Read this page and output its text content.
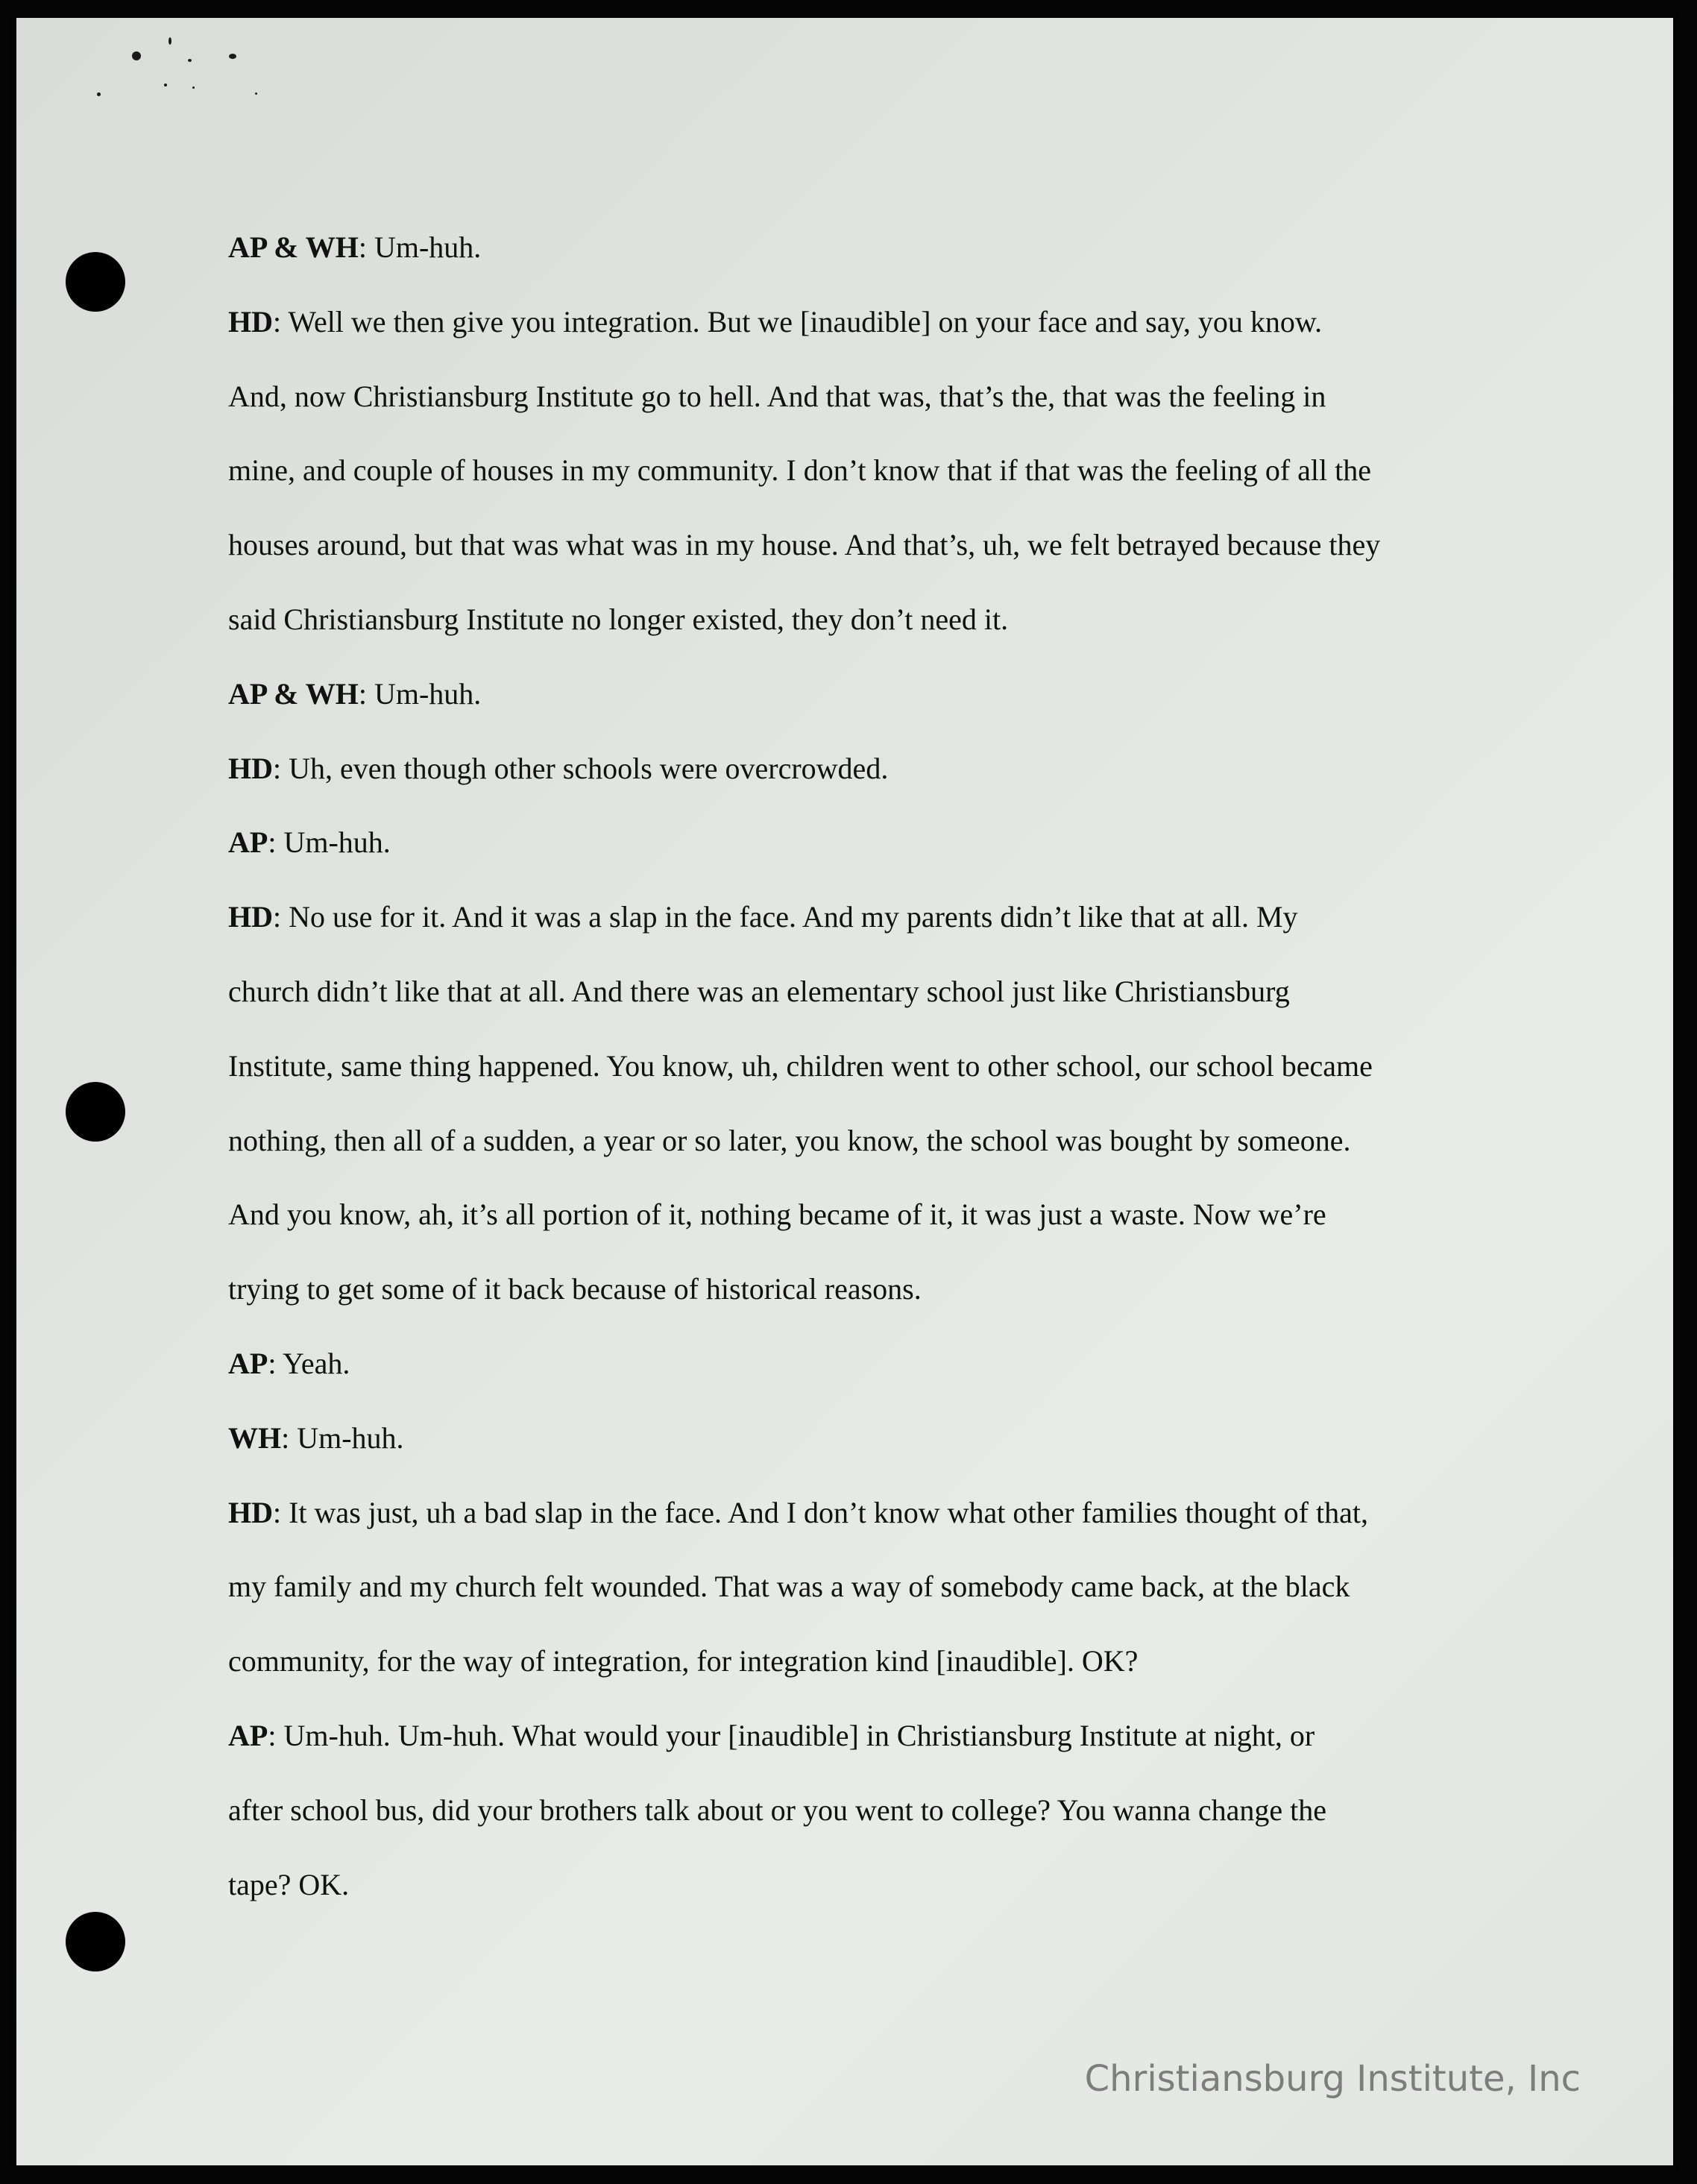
AP & WH: Um-huh.
HD: Well we then give you integration. But we [inaudible] on your face and say, you know.
And, now Christiansburg Institute go to hell. And that was, that’s the, that was the feeling in
mine, and couple of houses in my community. I don’t know that if that was the feeling of all the
houses around, but that was what was in my house. And that’s, uh, we felt betrayed because they
said Christiansburg Institute no longer existed, they don’t need it.
AP & WH: Um-huh.
HD: Uh, even though other schools were overcrowded.
AP: Um-huh.
HD: No use for it. And it was a slap in the face. And my parents didn’t like that at all. My
church didn’t like that at all. And there was an elementary school just like Christiansburg
Institute, same thing happened. You know, uh, children went to other school, our school became
nothing, then all of a sudden, a year or so later, you know, the school was bought by someone.
And you know, ah, it’s all portion of it, nothing became of it, it was just a waste. Now we’re
trying to get some of it back because of historical reasons.
AP: Yeah.
WH: Um-huh.
HD: It was just, uh a bad slap in the face. And I don’t know what other families thought of that,
my family and my church felt wounded. That was a way of somebody came back, at the black
community, for the way of integration, for integration kind [inaudible]. OK?
AP: Um-huh. Um-huh. What would your [inaudible] in Christiansburg Institute at night, or
after school bus, did your brothers talk about or you went to college? You wanna change the
tape? OK.
Christiansburg Institute, Inc
